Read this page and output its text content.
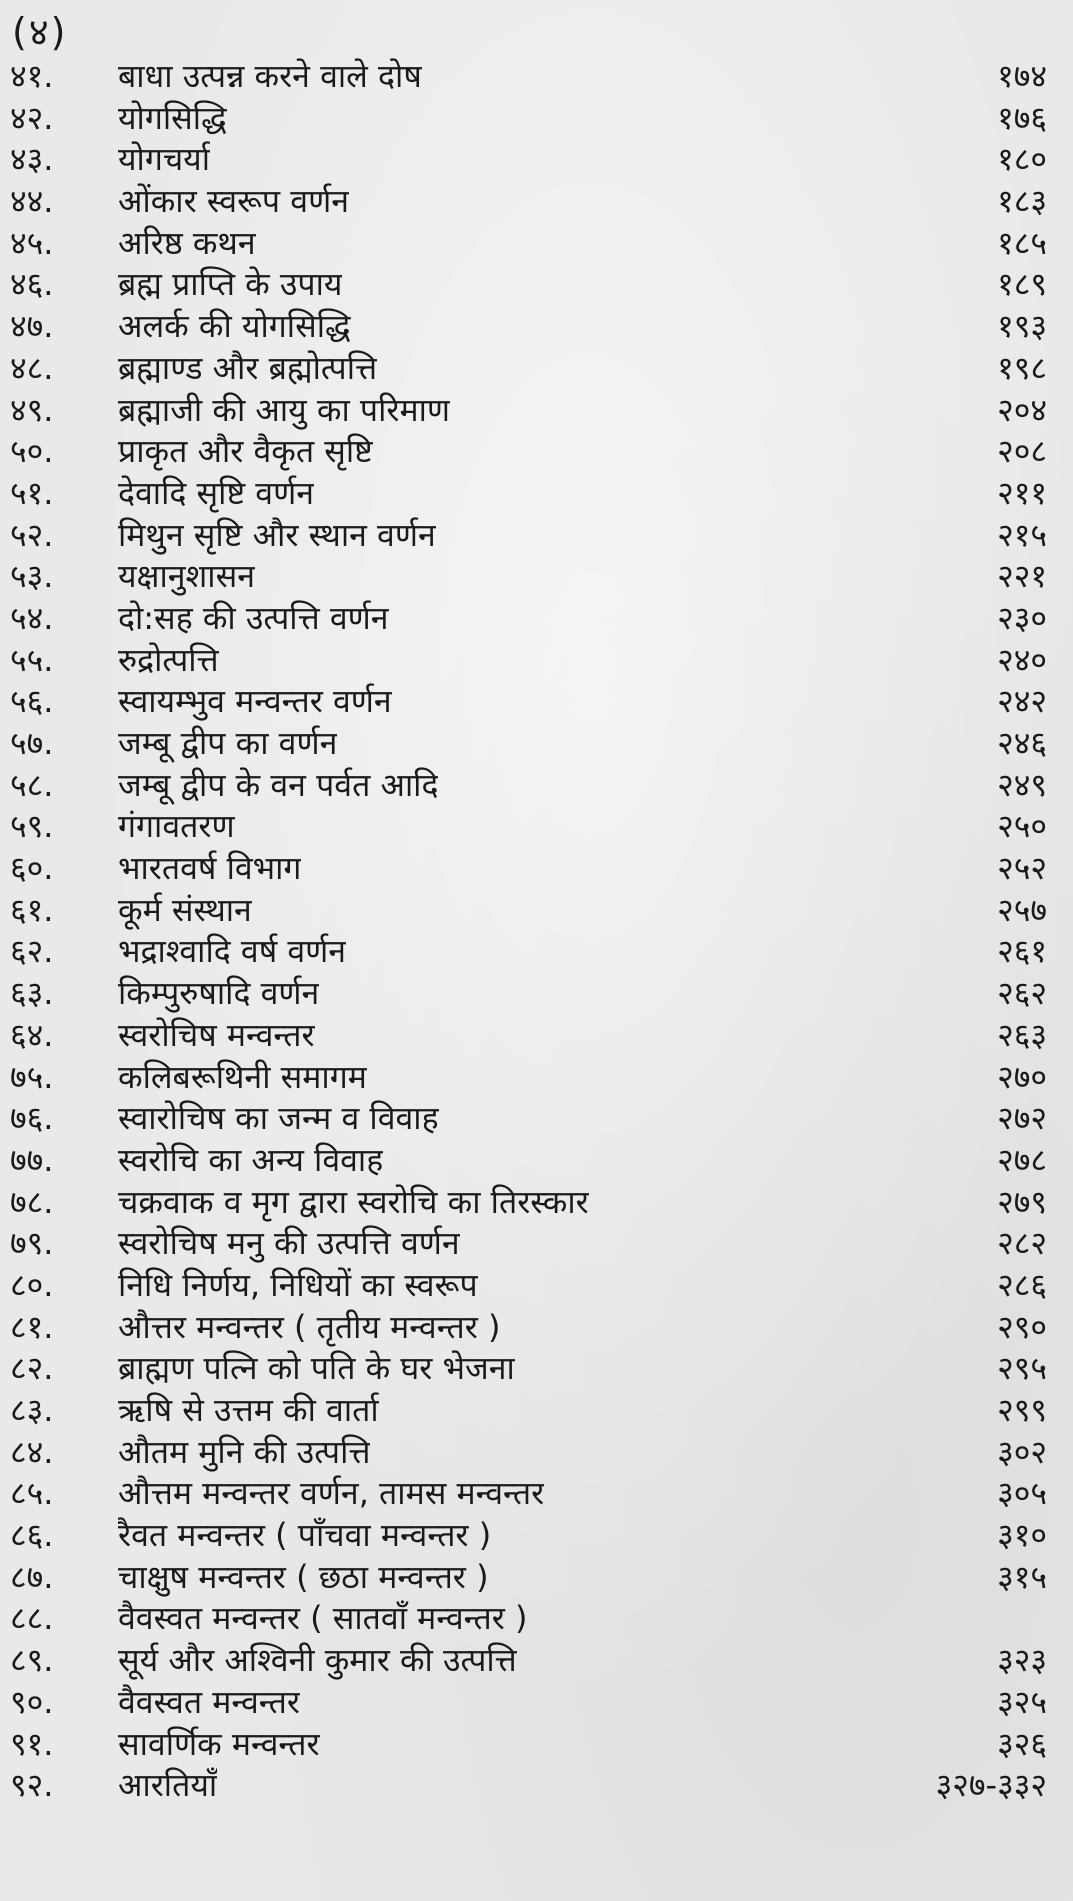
(४)
४१.	बाधा उत्पन्न करने वाले दोष	१७४
४२.	योगसिद्धि	१७६
४३.	योगचर्या	१८०
४४.	ओंकार स्वरूप वर्णन	१८३
४५.	अरिष्ठ कथन	१८५
४६.	ब्रह्म प्राप्ति के उपाय	१८९
४७.	अलर्क की योगसिद्धि	१९३
४८.	ब्रह्माण्ड और ब्रह्मोत्पत्ति	१९८
४९.	ब्रह्माजी की आयु का परिमाण	२०४
५०.	प्राकृत और वैकृत सृष्टि	२०८
५१.	देवादि सृष्टि वर्णन	२११
५२.	मिथुन सृष्टि और स्थान वर्णन	२१५
५३.	यक्षानुशासन	२२१
५४.	दो:सह की उत्पत्ति वर्णन	२३०
५५.	रुद्रोत्पत्ति	२४०
५६.	स्वायम्भुव मन्वन्तर वर्णन	२४२
५७.	जम्बू द्वीप का वर्णन	२४६
५८.	जम्बू द्वीप के वन पर्वत आदि	२४९
५९.	गंगावतरण	२५०
६०.	भारतवर्ष विभाग	२५२
६१.	कूर्म संस्थान	२५७
६२.	भद्राश्वादि वर्ष वर्णन	२६१
६३.	किम्पुरुषादि वर्णन	२६२
६४.	स्वरोचिष मन्वन्तर	२६३
७५.	कलिबरूथिनी समागम	२७०
७६.	स्वारोचिष का जन्म व विवाह	२७२
७७.	स्वरोचि का अन्य विवाह	२७८
७८.	चक्रवाक व मृग द्वारा स्वरोचि का तिरस्कार	२७९
७९.	स्वरोचिष मनु की उत्पत्ति वर्णन	२८२
८०.	निधि निर्णय, निधियों का स्वरूप	२८६
८१.	औत्तर मन्वन्तर ( तृतीय मन्वन्तर )	२९०
८२.	ब्राह्मण पत्नि को पति के घर भेजना	२९५
८३.	ऋषि से उत्तम की वार्ता	२९९
८४.	औतम मुनि की उत्पत्ति	३०२
८५.	औत्तम मन्वन्तर वर्णन, तामस मन्वन्तर	३०५
८६.	रैवत मन्वन्तर ( पाँचवा मन्वन्तर )	३१०
८७.	चाक्षुष मन्वन्तर ( छठा मन्वन्तर )	३१५
८८.	वैवस्वत मन्वन्तर ( सातवाँ मन्वन्तर )
८९.	सूर्य और अश्विनी कुमार की उत्पत्ति	३२३
९०.	वैवस्वत मन्वन्तर	३२५
९१.	सावर्णिक मन्वन्तर	३२६
९२.	आरतियाँ	३२७-३३२
